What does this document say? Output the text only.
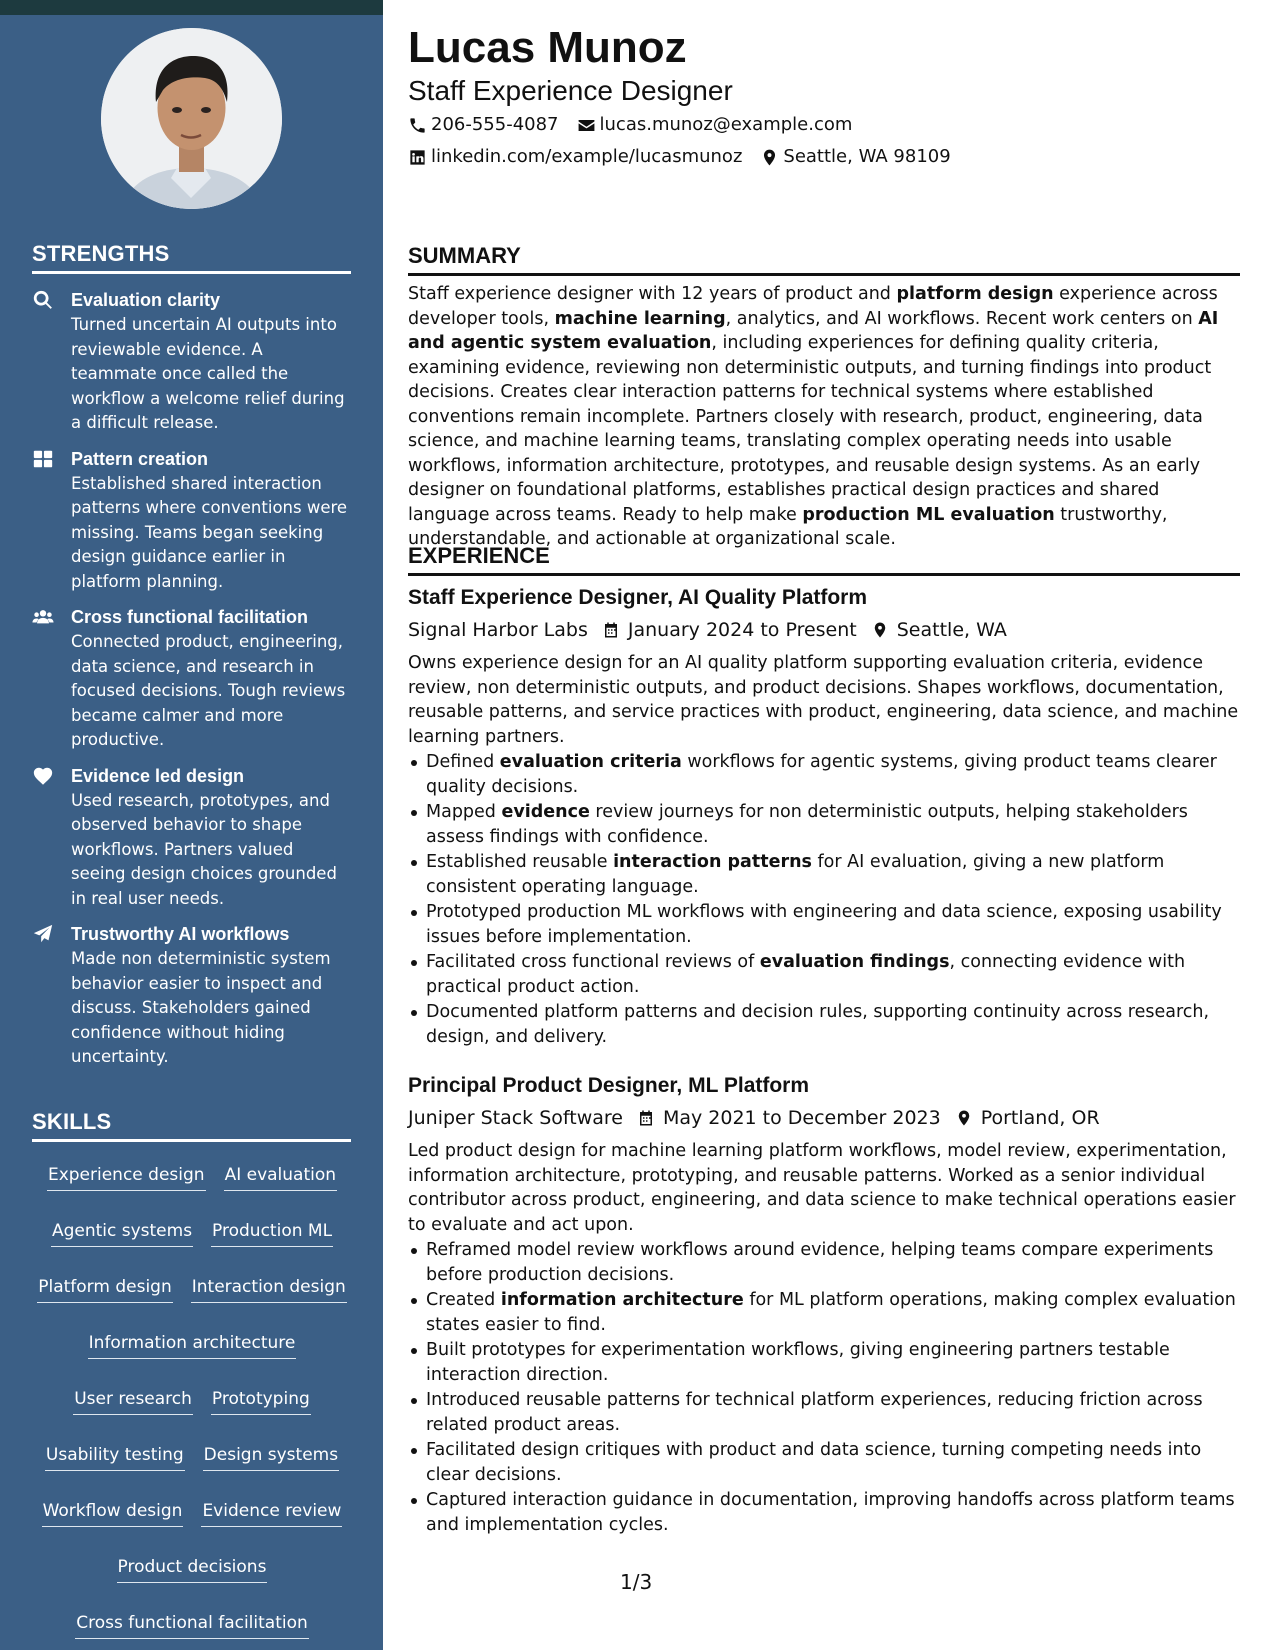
STRENGTHS
Evaluation clarity
Turned uncertain AI outputs into reviewable evidence. A teammate once called the workflow a welcome relief during a difficult release.
Pattern creation
Established shared interaction patterns where conventions were missing. Teams began seeking design guidance earlier in platform planning.
Cross functional facilitation
Connected product, engineering, data science, and research in focused decisions. Tough reviews became calmer and more productive.
Evidence led design
Used research, prototypes, and observed behavior to shape workflows. Partners valued seeing design choices grounded in real user needs.
Trustworthy AI workflows
Made non deterministic system behavior easier to inspect and discuss. Stakeholders gained confidence without hiding uncertainty.
SKILLS
Experience design AI evaluation
Agentic systems Production ML
Platform design Interaction design
Information architecture
User research Prototyping
Usability testing Design systems
Workflow design Evidence review
Product decisions
Cross functional facilitation
Lucas Munoz
Staff Experience Designer
206-555-4087 lucas.munoz@example.com
linkedin.com/example/lucasmunoz Seattle, WA 98109
SUMMARY

Staff experience designer with 12 years of product and platform design experience across developer tools, machine learning, analytics, and AI workflows. Recent work centers on AI and agentic system evaluation, including experiences for defining quality criteria, examining evidence, reviewing non deterministic outputs, and turning findings into product decisions. Creates clear interaction patterns for technical systems where established conventions remain incomplete. Partners closely with research, product, engineering, data science, and machine learning teams, translating complex operating needs into usable workflows, information architecture, prototypes, and reusable design systems. As an early designer on foundational platforms, establishes practical design practices and shared language across teams. Ready to help make production ML evaluation trustworthy, understandable, and actionable at organizational scale.

EXPERIENCE
Staff Experience Designer, AI Quality Platform
Signal Harbor Labs January 2024 to Present Seattle, WA

Owns experience design for an AI quality platform supporting evaluation criteria, evidence review, non deterministic outputs, and product decisions. Shapes workflows, documentation, reusable patterns, and service practices with product, engineering, data science, and machine learning partners.

Defined evaluation criteria workflows for agentic systems, giving product teams clearer quality decisions.
Mapped evidence review journeys for non deterministic outputs, helping stakeholders assess findings with confidence.
Established reusable interaction patterns for AI evaluation, giving a new platform consistent operating language.
Prototyped production ML workflows with engineering and data science, exposing usability issues before implementation.
Facilitated cross functional reviews of evaluation findings, connecting evidence with practical product action.
Documented platform patterns and decision rules, supporting continuity across research, design, and delivery.
Principal Product Designer, ML Platform
Juniper Stack Software May 2021 to December 2023 Portland, OR

Led product design for machine learning platform workflows, model review, experimentation, information architecture, prototyping, and reusable patterns. Worked as a senior individual contributor across product, engineering, and data science to make technical operations easier to evaluate and act upon.

Reframed model review workflows around evidence, helping teams compare experiments before production decisions.
Created information architecture for ML platform operations, making complex evaluation states easier to find.
Built prototypes for experimentation workflows, giving engineering partners testable interaction direction.
Introduced reusable patterns for technical platform experiences, reducing friction across related product areas.
Facilitated design critiques with product and data science, turning competing needs into clear decisions.
Captured interaction guidance in documentation, improving handoffs across platform teams and implementation cycles.
1/3
